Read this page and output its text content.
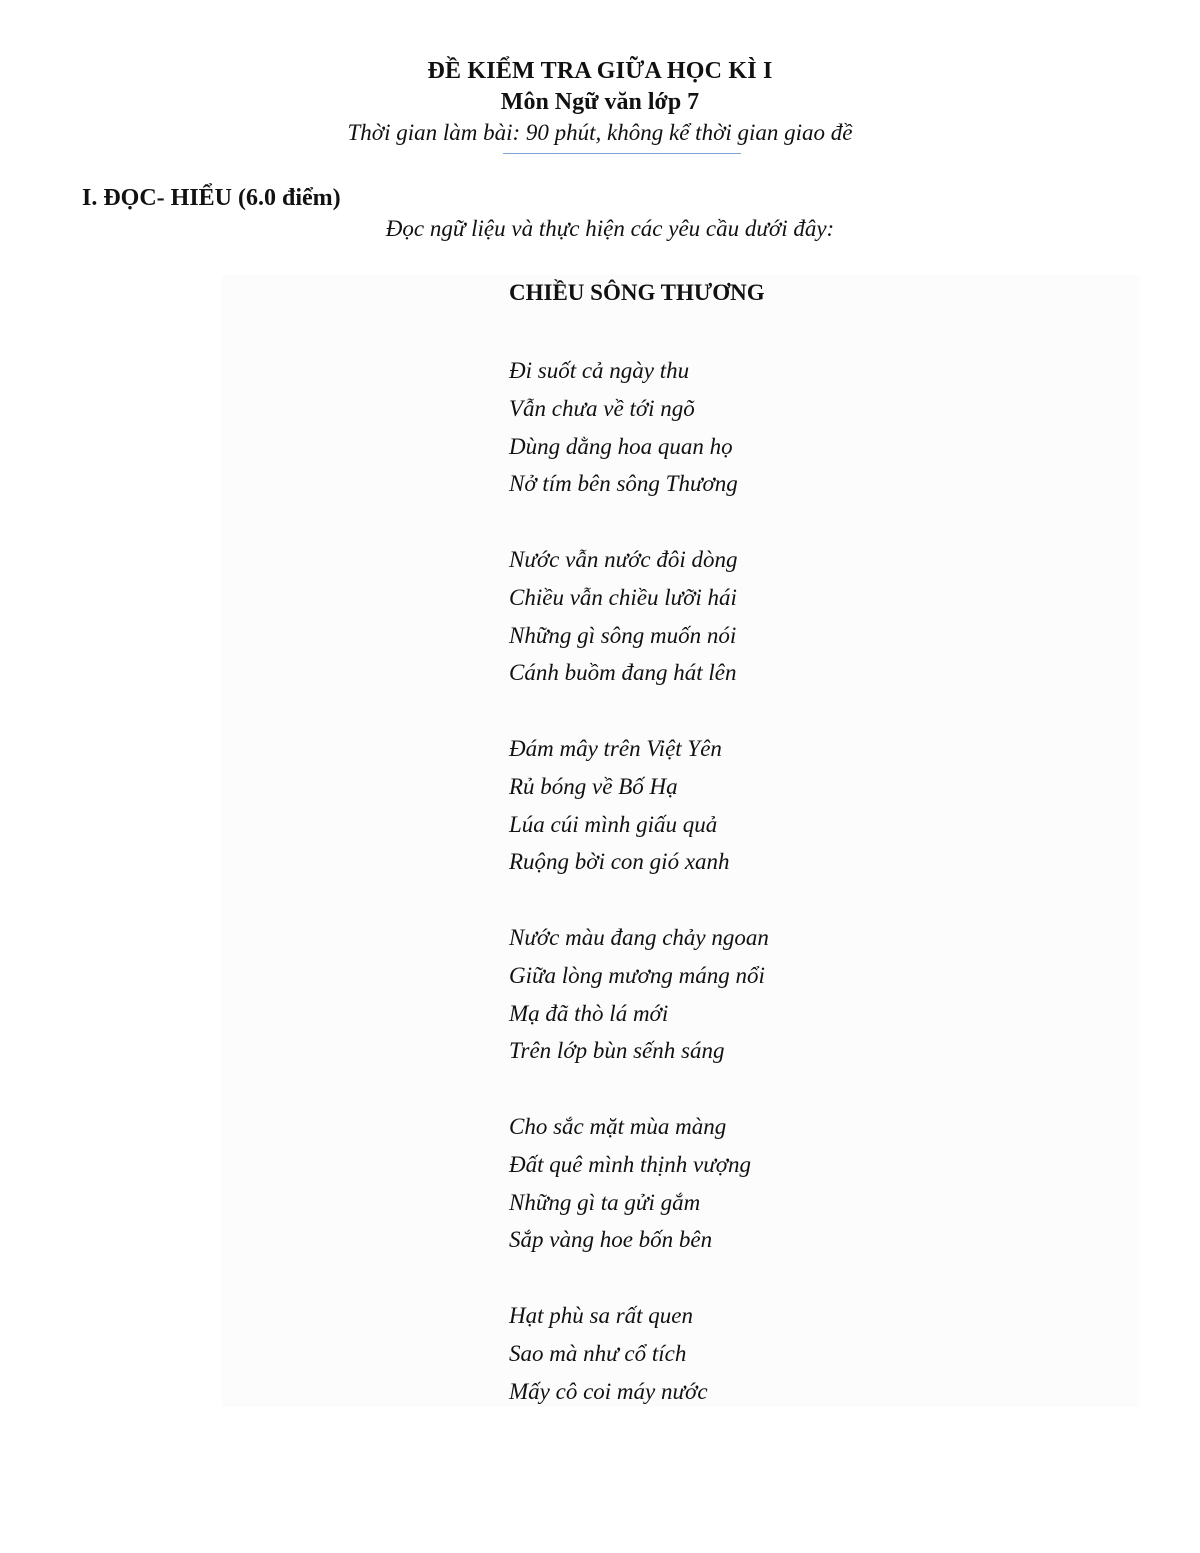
ĐỀ KIỂM TRA GIỮA HỌC KÌ I
Môn Ngữ văn lớp 7
Thời gian làm bài: 90 phút, không kể thời gian giao đề
I. ĐỌC- HIỂU (6.0 điểm)
Đọc ngữ liệu và thực hiện các yêu cầu dưới đây:
CHIỀU SÔNG THƯƠNG
Đi suốt cả ngày thu
Vẫn chưa về tới ngõ
Dùng dằng hoa quan họ
Nở tím bên sông Thương
Nước vẫn nước đôi dòng
Chiều vẫn chiều lưỡi hái
Những gì sông muốn nói
Cánh buồm đang hát lên
Đám mây trên Việt Yên
Rủ bóng về Bố Hạ
Lúa cúi mình giấu quả
Ruộng bời con gió xanh
Nước màu đang chảy ngoan
Giữa lòng mương máng nổi
Mạ đã thò lá mới
Trên lớp bùn sếnh sáng
Cho sắc mặt mùa màng
Đất quê mình thịnh vượng
Những gì ta gửi gắm
Sắp vàng hoe bốn bên
Hạt phù sa rất quen
Sao mà như cổ tích
Mấy cô coi máy nước
